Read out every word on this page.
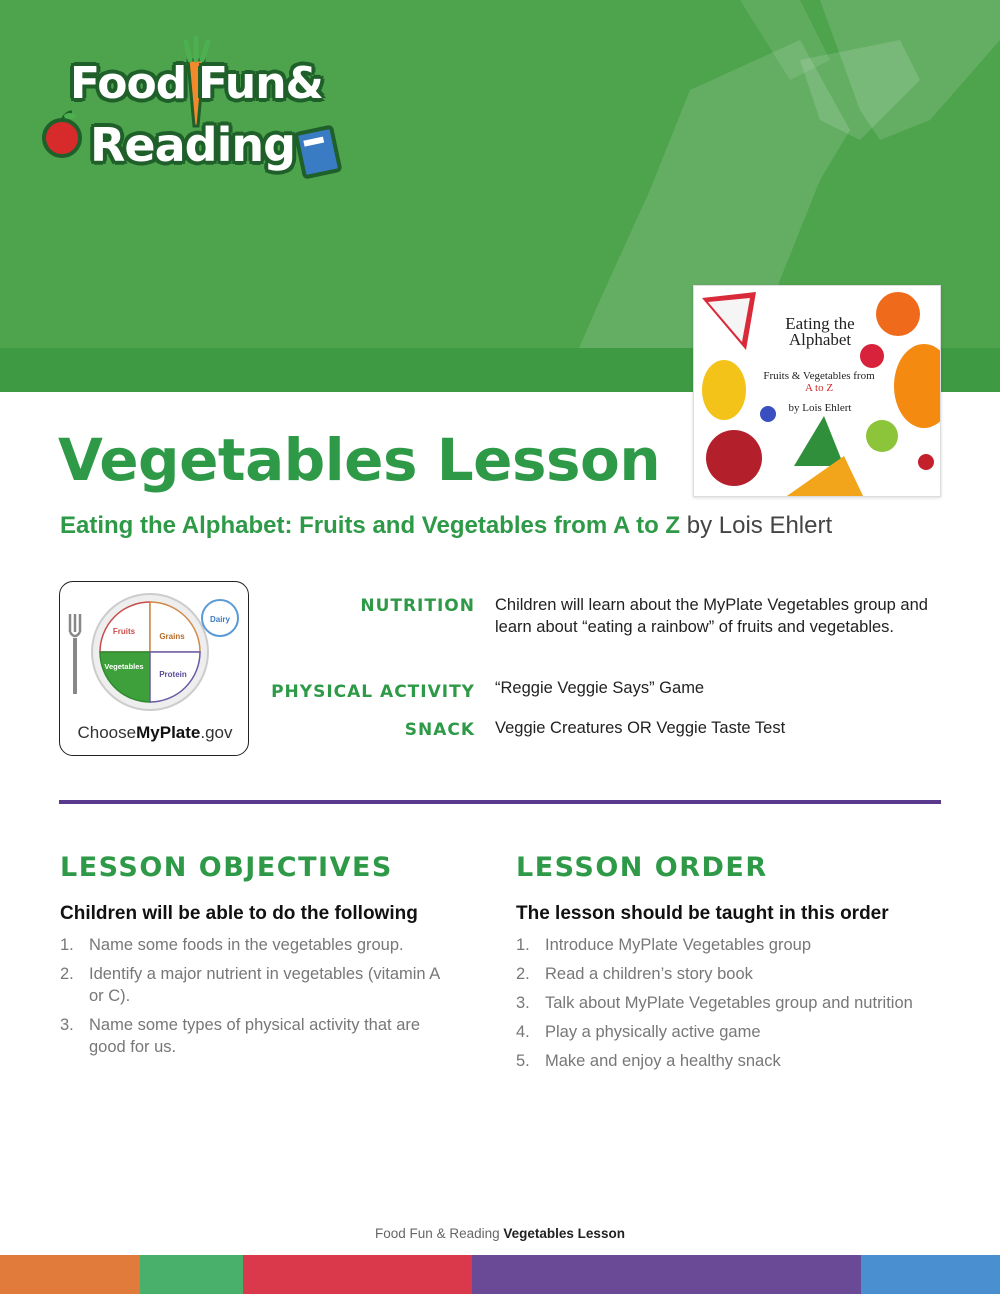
Food Fun&
Reading
Eating the Alphabet
Fruits & Vegetables from A to Z
by Lois Ehlert
Vegetables Lesson
Eating the Alphabet: Fruits and Vegetables from A to Z by Lois Ehlert
Fruits
Grains
Vegetables
Protein
Dairy
ChooseMyPlate.gov
NUTRITION Children will learn about the MyPlate Vegetables group and learn about “eating a rainbow” of fruits and vegetables.
PHYSICAL ACTIVITY “Reggie Veggie Says” Game
SNACK Veggie Creatures OR Veggie Taste Test
LESSON OBJECTIVES
Children will be able to do the following
1. Name some foods in the vegetables group.
2. Identify a major nutrient in vegetables (vitamin A or C).
3. Name some types of physical activity that are good for us.
LESSON ORDER
The lesson should be taught in this order
1. Introduce MyPlate Vegetables group
2. Read a children’s story book
3. Talk about MyPlate Vegetables group and nutrition
4. Play a physically active game
5. Make and enjoy a healthy snack
Food Fun & Reading Vegetables Lesson
